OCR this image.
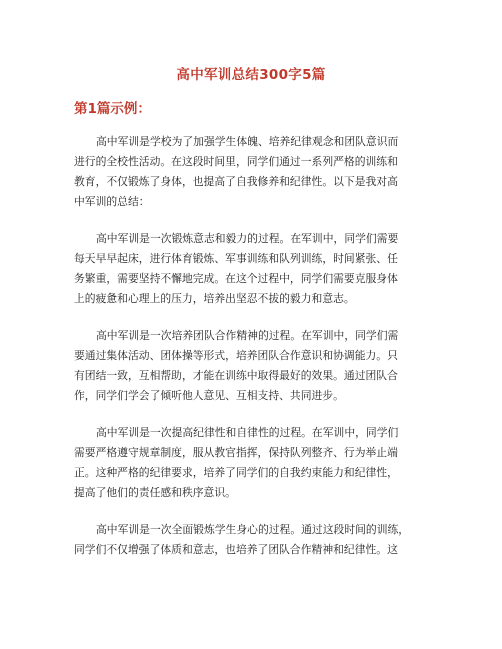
高中军训总结300字5篇
第1篇示例：
高中军训是学校为了加强学生体魄、培养纪律观念和团队意识而
进行的全校性活动。在这段时间里，同学们通过一系列严格的训练和
教育，不仅锻炼了身体，也提高了自我修养和纪律性。以下是我对高
中军训的总结：
高中军训是一次锻炼意志和毅力的过程。在军训中，同学们需要
每天早早起床，进行体育锻炼、军事训练和队列训练，时间紧张、任
务繁重，需要坚持不懈地完成。在这个过程中，同学们需要克服身体
上的疲惫和心理上的压力，培养出坚忍不拔的毅力和意志。
高中军训是一次培养团队合作精神的过程。在军训中，同学们需
要通过集体活动、团体操等形式，培养团队合作意识和协调能力。只
有团结一致，互相帮助，才能在训练中取得最好的效果。通过团队合
作，同学们学会了倾听他人意见、互相支持、共同进步。
高中军训是一次提高纪律性和自律性的过程。在军训中，同学们
需要严格遵守规章制度，服从教官指挥，保持队列整齐、行为举止端
正。这种严格的纪律要求，培养了同学们的自我约束能力和纪律性，
提高了他们的责任感和秩序意识。
高中军训是一次全面锻炼学生身心的过程。通过这段时间的训练，
同学们不仅增强了体质和意志，也培养了团队合作精神和纪律性。这
